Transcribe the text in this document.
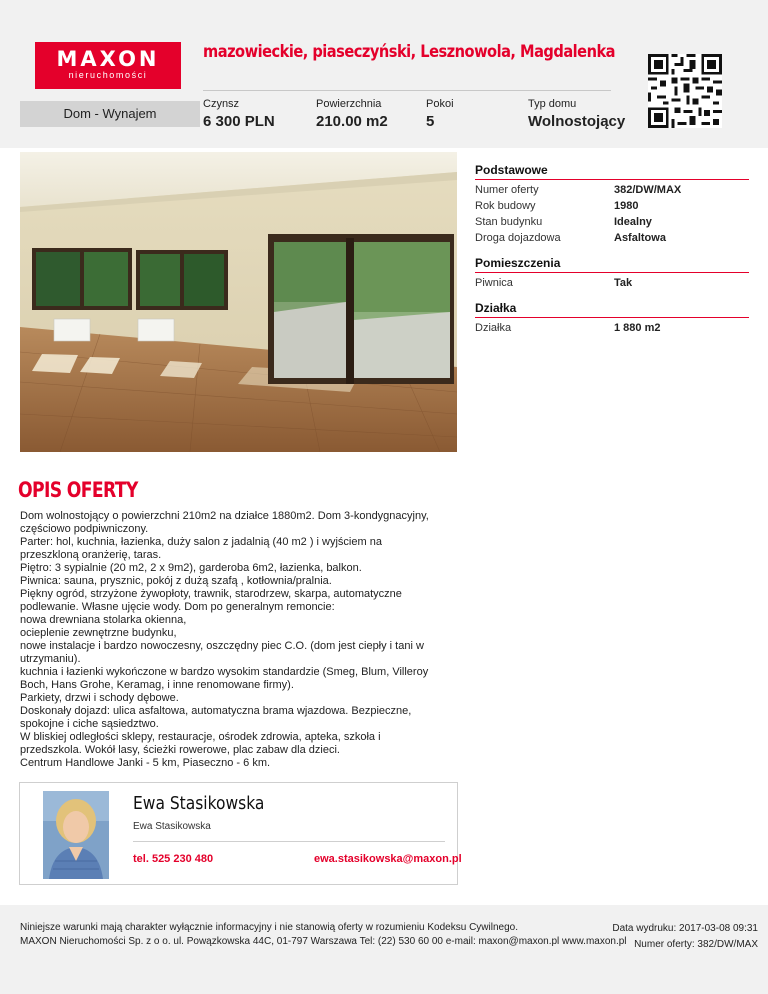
MAXON
nieruchomości
mazowieckie, piaseczyński, Lesznowola, Magdalenka
Dom - Wynajem
Czynsz
6 300 PLN
Powierzchnia
210.00 m2
Pokoi
5
Typ domu
Wolnostojący
Podstawowe
Numer oferty	382/DW/MAX
Rok budowy	1980
Stan budynku	Idealny
Droga dojazdowa	Asfaltowa
Pomieszczenia
Piwnica	Tak
Działka
Działka	1 880 m2
OPIS OFERTY
Dom wolnostojący o powierzchni 210m2 na działce 1880m2. Dom 3-kondygnacyjny,
częściowo podpiwniczony.
Parter: hol, kuchnia, łazienka, duży salon z jadalnią (40 m2 ) i wyjściem na
przeszkloną oranżerię, taras.
Piętro: 3 sypialnie (20 m2, 2 x 9m2), garderoba 6m2, łazienka, balkon.
Piwnica: sauna, prysznic, pokój z dużą szafą , kotłownia/pralnia.
Piękny ogród, strzyżone żywopłoty, trawnik, starodrzew, skarpa, automatyczne
podlewanie. Własne ujęcie wody. Dom po generalnym remoncie:
nowa drewniana stolarka okienna,
ocieplenie zewnętrzne budynku,
nowe instalacje i bardzo nowoczesny, oszczędny piec C.O. (dom jest ciepły i tani w
utrzymaniu).
kuchnia i łazienki wykończone w bardzo wysokim standardzie (Smeg, Blum, Villeroy
Boch, Hans Grohe, Keramag, i inne renomowane firmy).
Parkiety, drzwi i schody dębowe.
Doskonały dojazd: ulica asfaltowa, automatyczna brama wjazdowa. Bezpieczne,
spokojne i ciche sąsiedztwo.
W bliskiej odległości sklepy, restauracje, ośrodek zdrowia, apteka, szkoła i
przedszkola. Wokół lasy, ścieżki rowerowe, plac zabaw dla dzieci.
Centrum Handlowe Janki - 5 km, Piaseczno - 6 km.
Ewa Stasikowska
Ewa Stasikowska
tel. 525 230 480	ewa.stasikowska@maxon.pl
Niniejsze warunki mają charakter wyłącznie informacyjny i nie stanowią oferty w rozumieniu Kodeksu Cywilnego.
MAXON Nieruchomości Sp. z o o. ul. Powązkowska 44C, 01-797 Warszawa Tel: (22) 530 60 00 e-mail: maxon@maxon.pl www.maxon.pl
Data wydruku: 2017-03-08 09:31
Numer oferty: 382/DW/MAX
